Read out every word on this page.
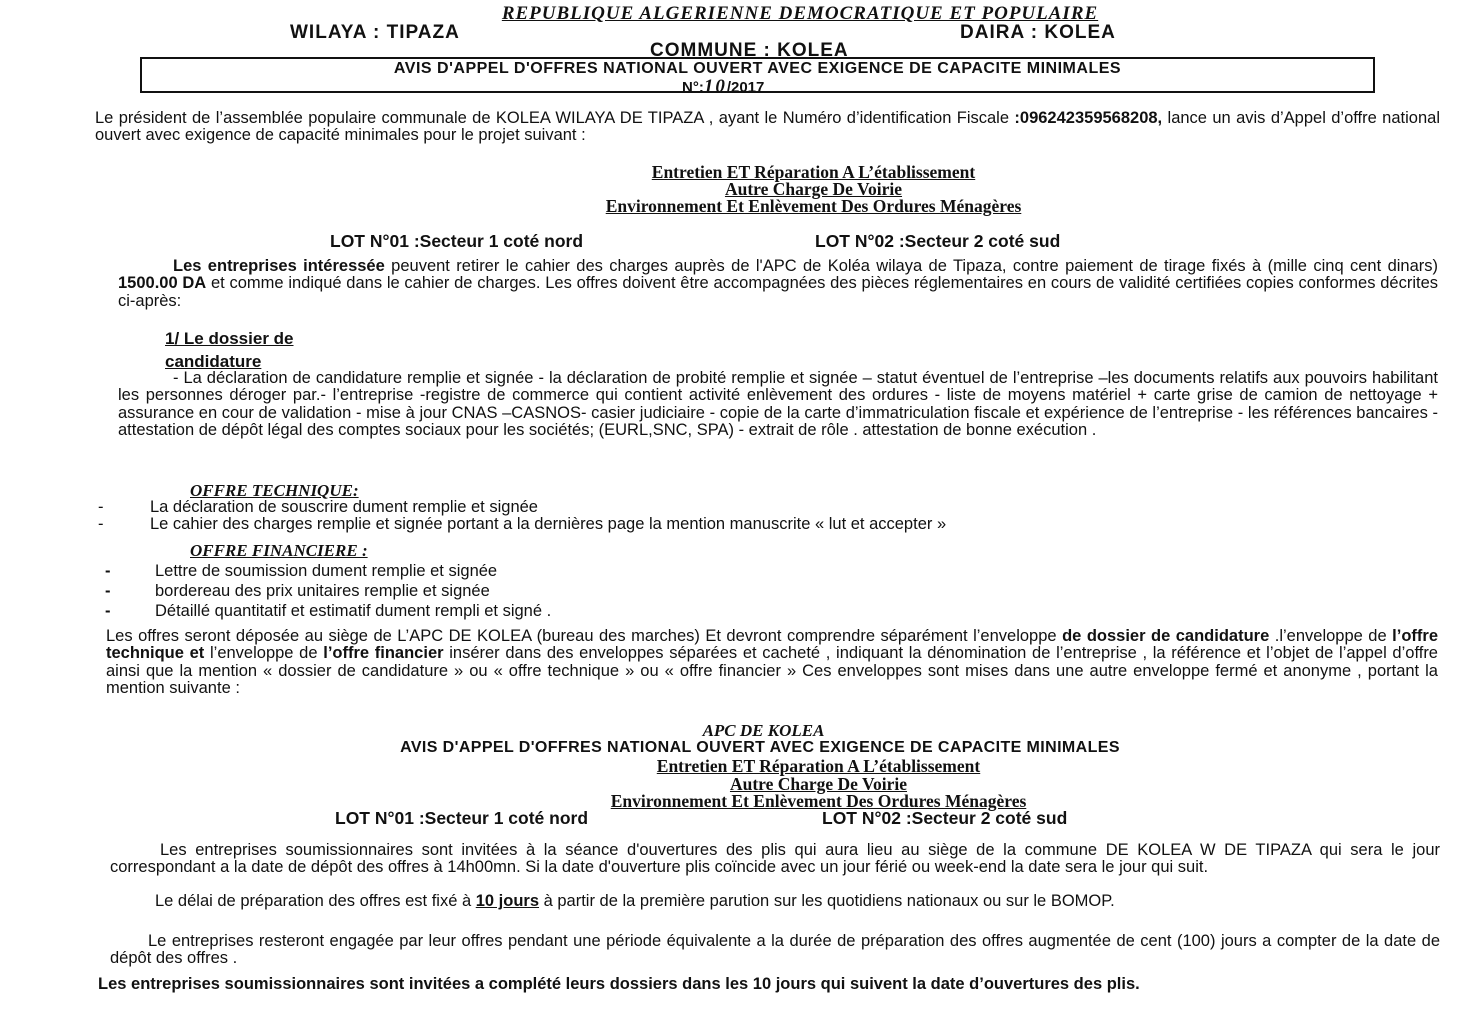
REPUBLIQUE ALGERIENNE DEMOCRATIQUE ET POPULAIRE
WILAYA : TIPAZA	DAIRA : KOLEA
COMMUNE : KOLEA
AVIS D'APPEL D'OFFRES NATIONAL OUVERT AVEC EXIGENCE DE CAPACITE MINIMALES
N°:10/2017

Le président de l’assemblée populaire communale de KOLEA WILAYA DE TIPAZA , ayant le Numéro d’identification Fiscale :096242359568208, lance un avis d’Appel d’offre national ouvert avec exigence de capacité minimales pour le projet suivant :

Entretien ET Réparation A L’établissement
Autre Charge De Voirie
Environnement Et Enlèvement Des Ordures Ménagères
LOT N°01 :Secteur 1 coté nord	LOT N°02 :Secteur 2 coté sud

Les entreprises intéressée peuvent retirer le cahier des charges auprès de l'APC de Koléa wilaya de Tipaza, contre paiement de tirage fixés à (mille cinq cent dinars) 1500.00 DA et comme indiqué dans le cahier de charges. Les offres doivent être accompagnées des pièces réglementaires en cours de validité certifiées copies conformes décrites ci-après:

1/ Le dossier de
candidature

- La déclaration de candidature remplie et signée - la déclaration de probité remplie et signée – statut éventuel de l’entreprise –les documents relatifs aux pouvoirs habilitant les personnes déroger par.- l’entreprise -registre de commerce qui contient activité enlèvement des ordures - liste de moyens matériel + carte grise de camion de nettoyage + assurance en cour de validation - mise à jour CNAS –CASNOS- casier judiciaire - copie de la carte d’immatriculation fiscale et expérience de l’entreprise - les références bancaires - attestation de dépôt légal des comptes sociaux pour les sociétés; (EURL,SNC, SPA) - extrait de rôle . attestation de bonne exécution .

OFFRE TECHNIQUE:
-	La déclaration de souscrire dument remplie et signée
-	Le cahier des charges remplie et signée portant a la dernières page la mention manuscrite « lut et accepter »
OFFRE FINANCIERE :
-	Lettre de soumission dument remplie et signée
-	bordereau des prix unitaires remplie et signée
-	Détaillé quantitatif et estimatif dument rempli et signé .

Les offres seront déposée au siège de L’APC DE KOLEA (bureau des marches) Et devront comprendre séparément l’enveloppe de dossier de candidature .l’enveloppe de l’offre technique et l’enveloppe de l’offre financier insérer dans des enveloppes séparées et cacheté , indiquant la dénomination de l’entreprise , la référence et l’objet de l’appel d’offre ainsi que la mention « dossier de candidature » ou « offre technique » ou « offre financier » Ces enveloppes sont mises dans une autre enveloppe fermé et anonyme , portant la mention suivante :

APC DE KOLEA
AVIS D'APPEL D'OFFRES NATIONAL OUVERT AVEC EXIGENCE DE CAPACITE MINIMALES
Entretien ET Réparation A L’établissement
Autre Charge De Voirie
Environnement Et Enlèvement Des Ordures Ménagères
LOT N°01 :Secteur 1 coté nord	LOT N°02 :Secteur 2 coté sud

Les entreprises soumissionnaires sont invitées à la séance d'ouvertures des plis qui aura lieu au siège de la commune DE KOLEA W DE TIPAZA qui sera le jour correspondant a la date de dépôt des offres à 14h00mn. Si la date d'ouverture plis coïncide avec un jour férié ou week-end la date sera le jour qui suit.

Le délai de préparation des offres est fixé à 10 jours à partir de la première parution sur les quotidiens nationaux ou sur le BOMOP.

Le entreprises resteront engagée par leur offres pendant une période équivalente a la durée de préparation des offres augmentée de cent (100) jours a compter de la date de dépôt des offres .

Les entreprises soumissionnaires sont invitées a complété leurs dossiers dans les 10 jours qui suivent la date d’ouvertures des plis.
